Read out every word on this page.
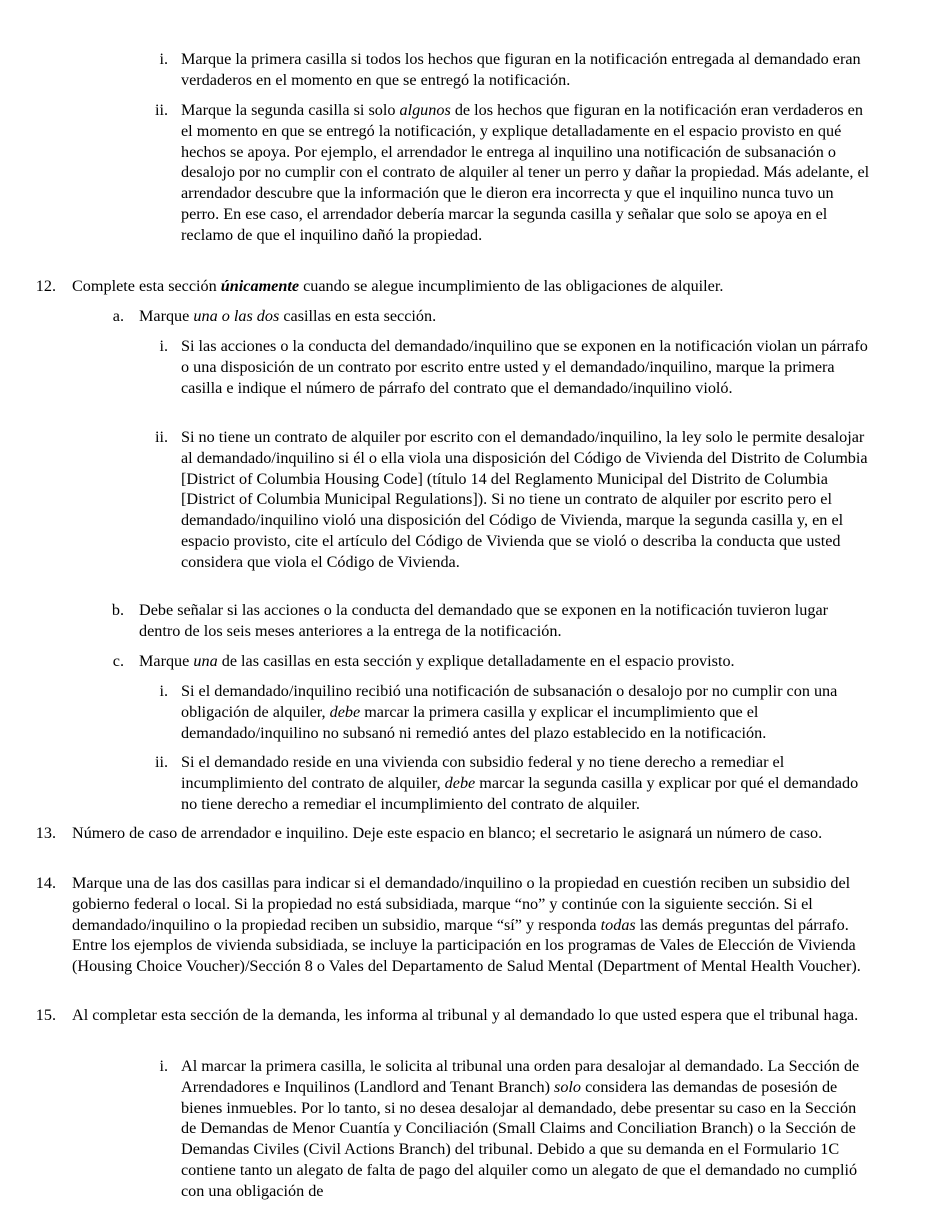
i. Marque la primera casilla si todos los hechos que figuran en la notificación entregada al demandado eran verdaderos en el momento en que se entregó la notificación.
ii. Marque la segunda casilla si solo algunos de los hechos que figuran en la notificación eran verdaderos en el momento en que se entregó la notificación, y explique detalladamente en el espacio provisto en qué hechos se apoya. Por ejemplo, el arrendador le entrega al inquilino una notificación de subsanación o desalojo por no cumplir con el contrato de alquiler al tener un perro y dañar la propiedad. Más adelante, el arrendador descubre que la información que le dieron era incorrecta y que el inquilino nunca tuvo un perro. En ese caso, el arrendador debería marcar la segunda casilla y señalar que solo se apoya en el reclamo de que el inquilino dañó la propiedad.
12. Complete esta sección únicamente cuando se alegue incumplimiento de las obligaciones de alquiler.
a. Marque una o las dos casillas en esta sección.
i. Si las acciones o la conducta del demandado/inquilino que se exponen en la notificación violan un párrafo o una disposición de un contrato por escrito entre usted y el demandado/inquilino, marque la primera casilla e indique el número de párrafo del contrato que el demandado/inquilino violó.
ii. Si no tiene un contrato de alquiler por escrito con el demandado/inquilino, la ley solo le permite desalojar al demandado/inquilino si él o ella viola una disposición del Código de Vivienda del Distrito de Columbia [District of Columbia Housing Code] (título 14 del Reglamento Municipal del Distrito de Columbia [District of Columbia Municipal Regulations]). Si no tiene un contrato de alquiler por escrito pero el demandado/inquilino violó una disposición del Código de Vivienda, marque la segunda casilla y, en el espacio provisto, cite el artículo del Código de Vivienda que se violó o describa la conducta que usted considera que viola el Código de Vivienda.
b. Debe señalar si las acciones o la conducta del demandado que se exponen en la notificación tuvieron lugar dentro de los seis meses anteriores a la entrega de la notificación.
c. Marque una de las casillas en esta sección y explique detalladamente en el espacio provisto.
i. Si el demandado/inquilino recibió una notificación de subsanación o desalojo por no cumplir con una obligación de alquiler, debe marcar la primera casilla y explicar el incumplimiento que el demandado/inquilino no subsanó ni remedió antes del plazo establecido en la notificación.
ii. Si el demandado reside en una vivienda con subsidio federal y no tiene derecho a remediar el incumplimiento del contrato de alquiler, debe marcar la segunda casilla y explicar por qué el demandado no tiene derecho a remediar el incumplimiento del contrato de alquiler.
13. Número de caso de arrendador e inquilino. Deje este espacio en blanco; el secretario le asignará un número de caso.
14. Marque una de las dos casillas para indicar si el demandado/inquilino o la propiedad en cuestión reciben un subsidio del gobierno federal o local. Si la propiedad no está subsidiada, marque “no” y continúe con la siguiente sección. Si el demandado/inquilino o la propiedad reciben un subsidio, marque “sí” y responda todas las demás preguntas del párrafo. Entre los ejemplos de vivienda subsidiada, se incluye la participación en los programas de Vales de Elección de Vivienda (Housing Choice Voucher)/Sección 8 o Vales del Departamento de Salud Mental (Department of Mental Health Voucher).
15. Al completar esta sección de la demanda, les informa al tribunal y al demandado lo que usted espera que el tribunal haga.
i. Al marcar la primera casilla, le solicita al tribunal una orden para desalojar al demandado. La Sección de Arrendadores e Inquilinos (Landlord and Tenant Branch) solo considera las demandas de posesión de bienes inmuebles. Por lo tanto, si no desea desalojar al demandado, debe presentar su caso en la Sección de Demandas de Menor Cuantía y Conciliación (Small Claims and Conciliation Branch) o la Sección de Demandas Civiles (Civil Actions Branch) del tribunal. Debido a que su demanda en el Formulario 1C contiene tanto un alegato de falta de pago del alquiler como un alegato de que el demandado no cumplió con una obligación de
